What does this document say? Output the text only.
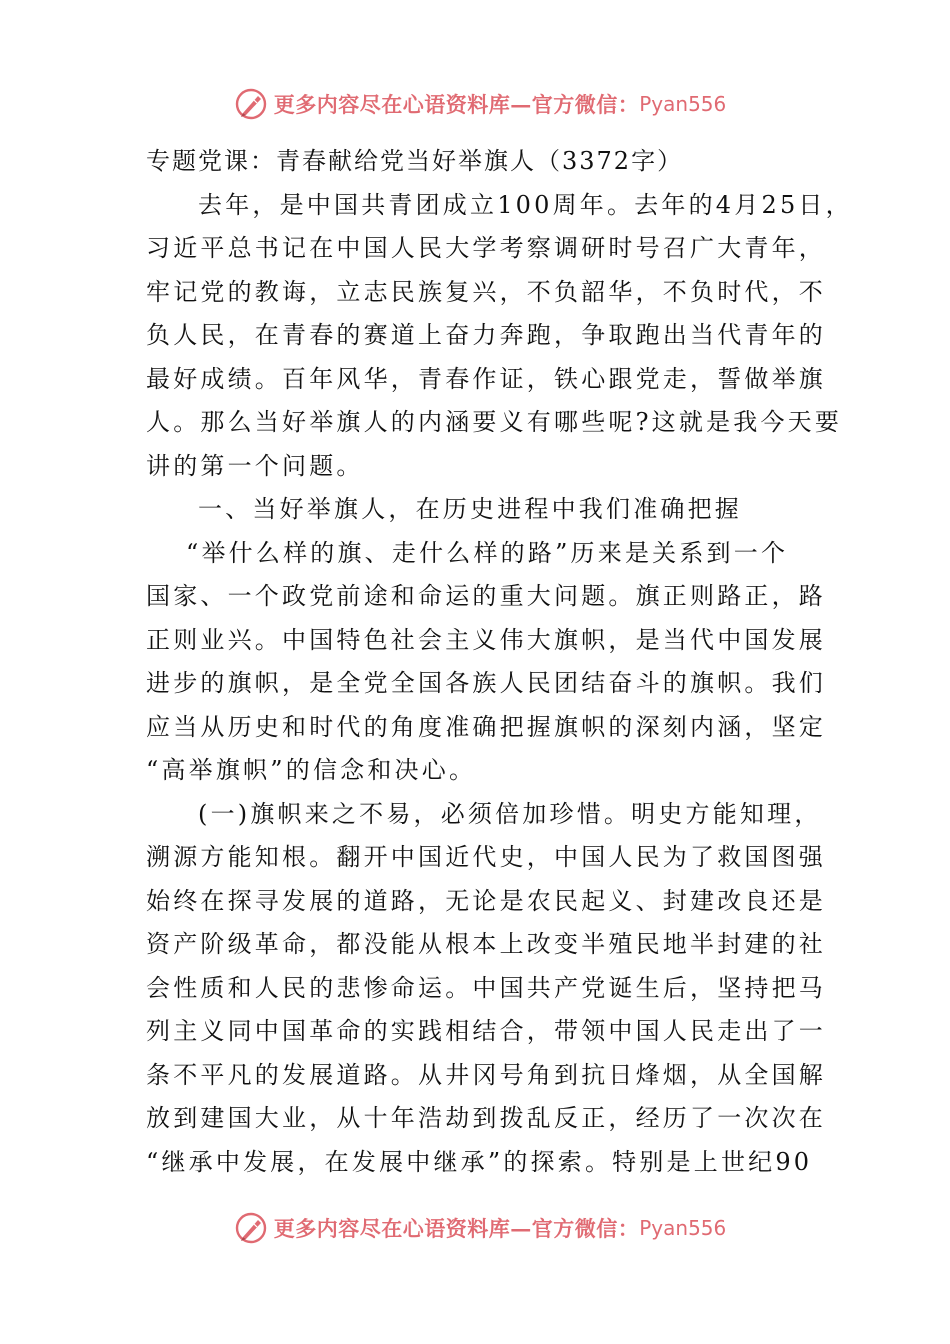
更多内容尽在心语资料库—官方微信： Pyan556
专题党课：青春献给党当好举旗人（3372字）
去年，是中国共青团成立100周年。去年的4月25日，
习近平总书记在中国人民大学考察调研时号召广大青年，
牢记党的教诲，立志民族复兴，不负韶华，不负时代，不
负人民，在青春的赛道上奋力奔跑，争取跑出当代青年的
最好成绩。百年风华，青春作证，铁心跟党走，誓做举旗
人。那么当好举旗人的内涵要义有哪些呢?这就是我今天要
讲的第一个问题。
一、当好举旗人，在历史进程中我们准确把握
“举什么样的旗、走什么样的路”历来是关系到一个
国家、一个政党前途和命运的重大问题。旗正则路正，路
正则业兴。中国特色社会主义伟大旗帜，是当代中国发展
进步的旗帜，是全党全国各族人民团结奋斗的旗帜。我们
应当从历史和时代的角度准确把握旗帜的深刻内涵，坚定
“高举旗帜”的信念和决心。
(一)旗帜来之不易，必须倍加珍惜。明史方能知理，
溯源方能知根。翻开中国近代史，中国人民为了救国图强
始终在探寻发展的道路，无论是农民起义、封建改良还是
资产阶级革命，都没能从根本上改变半殖民地半封建的社
会性质和人民的悲惨命运。中国共产党诞生后，坚持把马
列主义同中国革命的实践相结合，带领中国人民走出了一
条不平凡的发展道路。从井冈号角到抗日烽烟，从全国解
放到建国大业，从十年浩劫到拨乱反正，经历了一次次在
“继承中发展，在发展中继承”的探索。特别是上世纪90
更多内容尽在心语资料库—官方微信： Pyan556
